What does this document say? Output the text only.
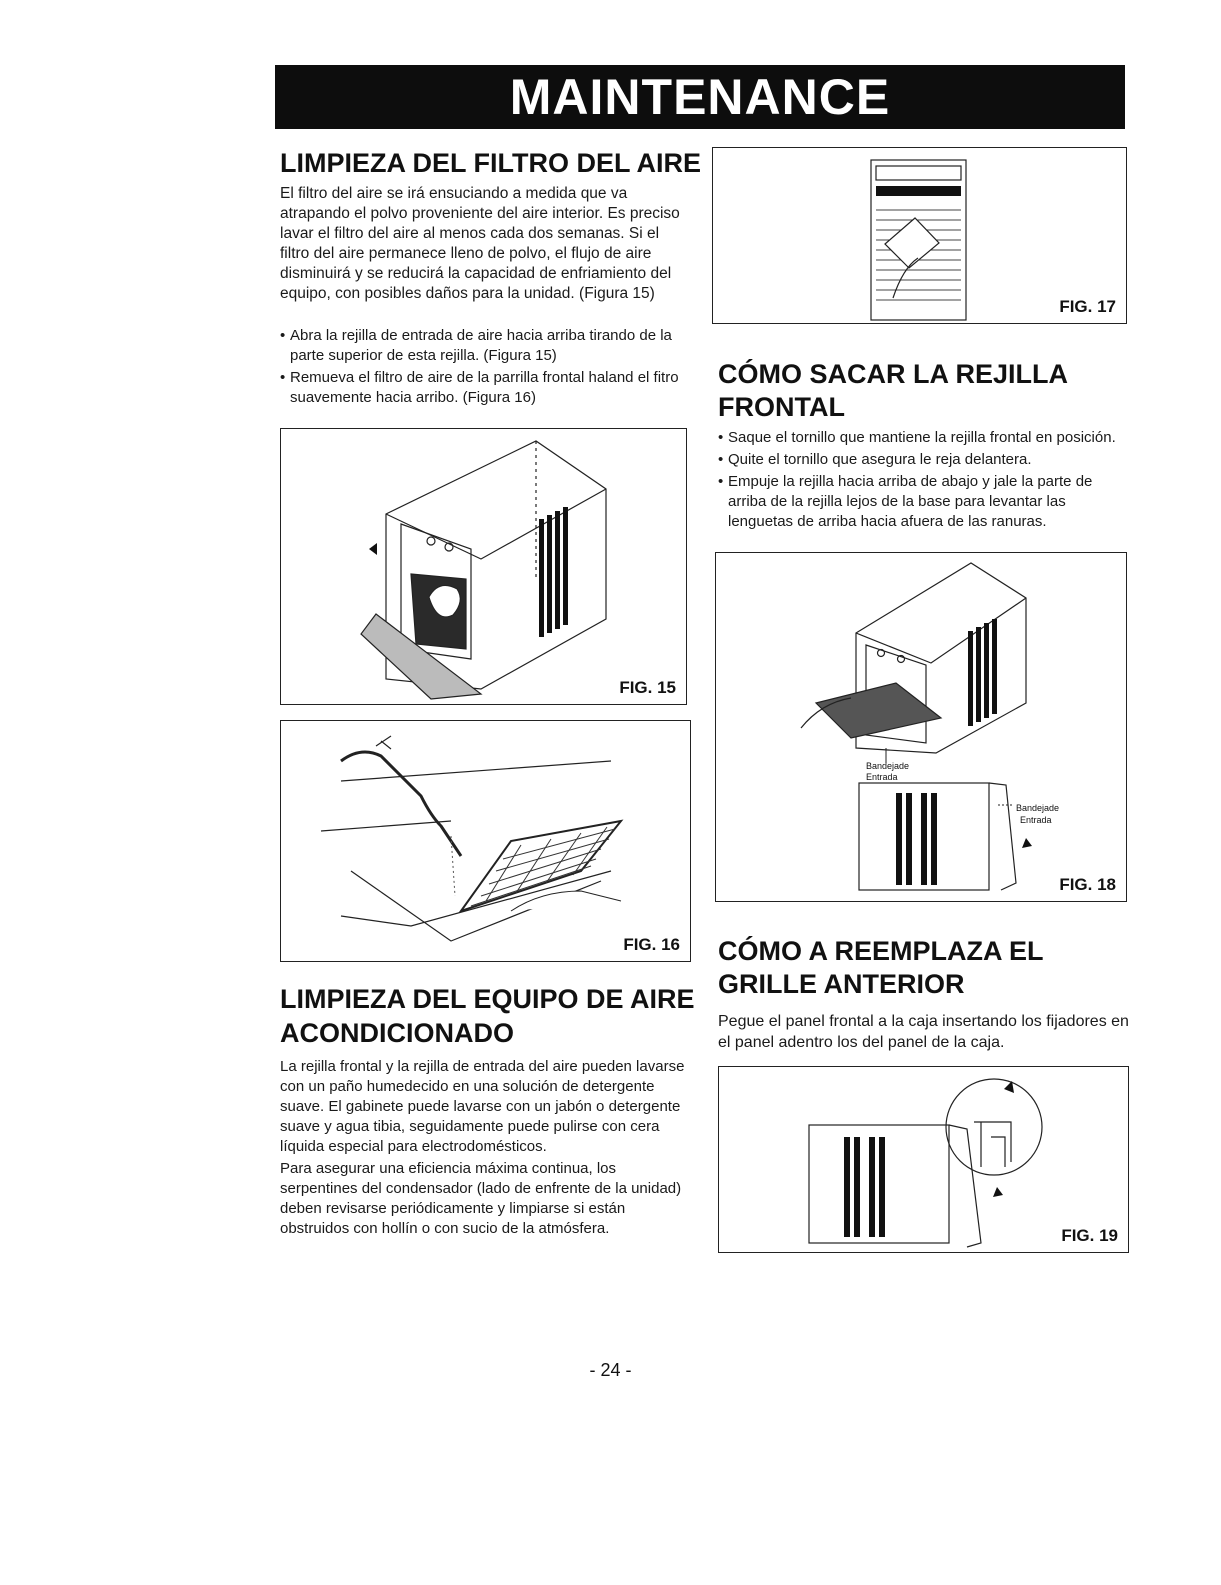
MAINTENANCE
LIMPIEZA DEL FILTRO DEL AIRE

El filtro del aire se irá ensuciando a medida que va atrapando el polvo proveniente del aire interior. Es preciso lavar el filtro del aire al menos cada dos semanas. Si el filtro del aire permanece lleno de polvo, el flujo de aire disminuirá y se reducirá la capacidad de enfriamiento del equipo, con posibles daños para la unidad. (Figura 15)

• Abra la rejilla de entrada de aire hacia arriba tirando de la parte superior de esta rejilla. (Figura 15)
• Remueva el filtro de aire de la parrilla frontal haland el fitro suavemente hacia arribo. (Figura 16)
FIG. 15
FIG. 16
LIMPIEZA DEL EQUIPO DE AIRE
ACONDICIONADO

La rejilla frontal y la rejilla de entrada del aire pueden lavarse con un paño humedecido en una solución de detergente suave. El gabinete puede lavarse con un jabón o detergente suave y agua tibia, seguidamente puede pulirse con cera líquida especial para electrodomésticos.

Para asegurar una eficiencia máxima continua, los serpentines del condensador (lado de enfrente de la unidad) deben revisarse periódicamente y limpiarse si están obstruidos con hollín o con sucio de la atmósfera.

FIG. 17
CÓMO SACAR LA REJILLA
FRONTAL
• Saque el tornillo que mantiene la rejilla frontal en posición.
• Quite el tornillo que asegura le reja delantera.
• Empuje la rejilla hacia arriba de abajo y jale la parte de arriba de la rejilla lejos de la base para levantar las lenguetas de arriba hacia afuera de las ranuras.
Bandejade
Entrada
Bandejade
Entrada
FIG. 18
CÓMO A REEMPLAZA EL
GRILLE ANTERIOR

Pegue el panel frontal a la caja insertando los fijadores en el panel adentro los del panel de la caja.

FIG. 19
- 24 -
